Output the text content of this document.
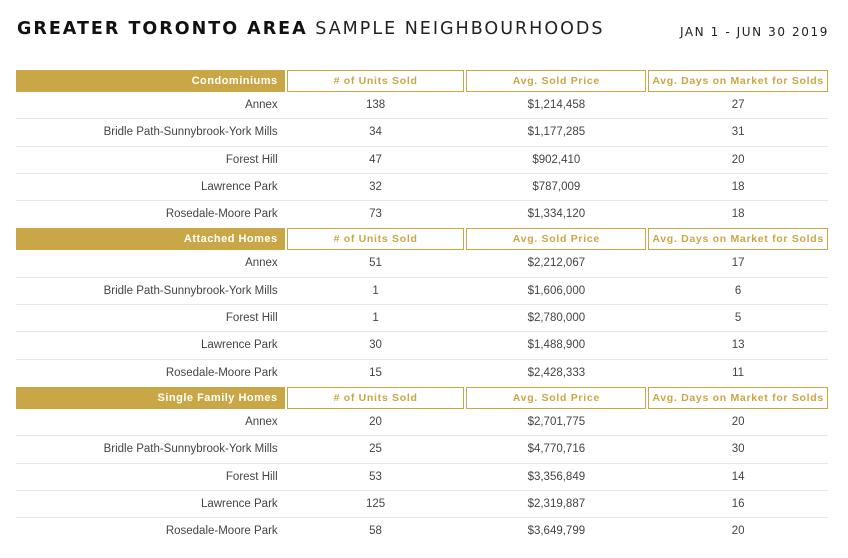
GREATER TORONTO AREA SAMPLE NEIGHBOURHOODS	JAN 1 - JUN 30 2019
Condominiums	# of Units Sold	Avg. Sold Price	Avg. Days on Market for Solds
Annex	138	$1,214,458	27
Bridle Path-Sunnybrook-York Mills	34	$1,177,285	31
Forest Hill	47	$902,410	20
Lawrence Park	32	$787,009	18
Rosedale-Moore Park	73	$1,334,120	18
Attached Homes	# of Units Sold	Avg. Sold Price	Avg. Days on Market for Solds
Annex	51	$2,212,067	17
Bridle Path-Sunnybrook-York Mills	1	$1,606,000	6
Forest Hill	1	$2,780,000	5
Lawrence Park	30	$1,488,900	13
Rosedale-Moore Park	15	$2,428,333	11
Single Family Homes	# of Units Sold	Avg. Sold Price	Avg. Days on Market for Solds
Annex	20	$2,701,775	20
Bridle Path-Sunnybrook-York Mills	25	$4,770,716	30
Forest Hill	53	$3,356,849	14
Lawrence Park	125	$2,319,887	16
Rosedale-Moore Park	58	$3,649,799	20
